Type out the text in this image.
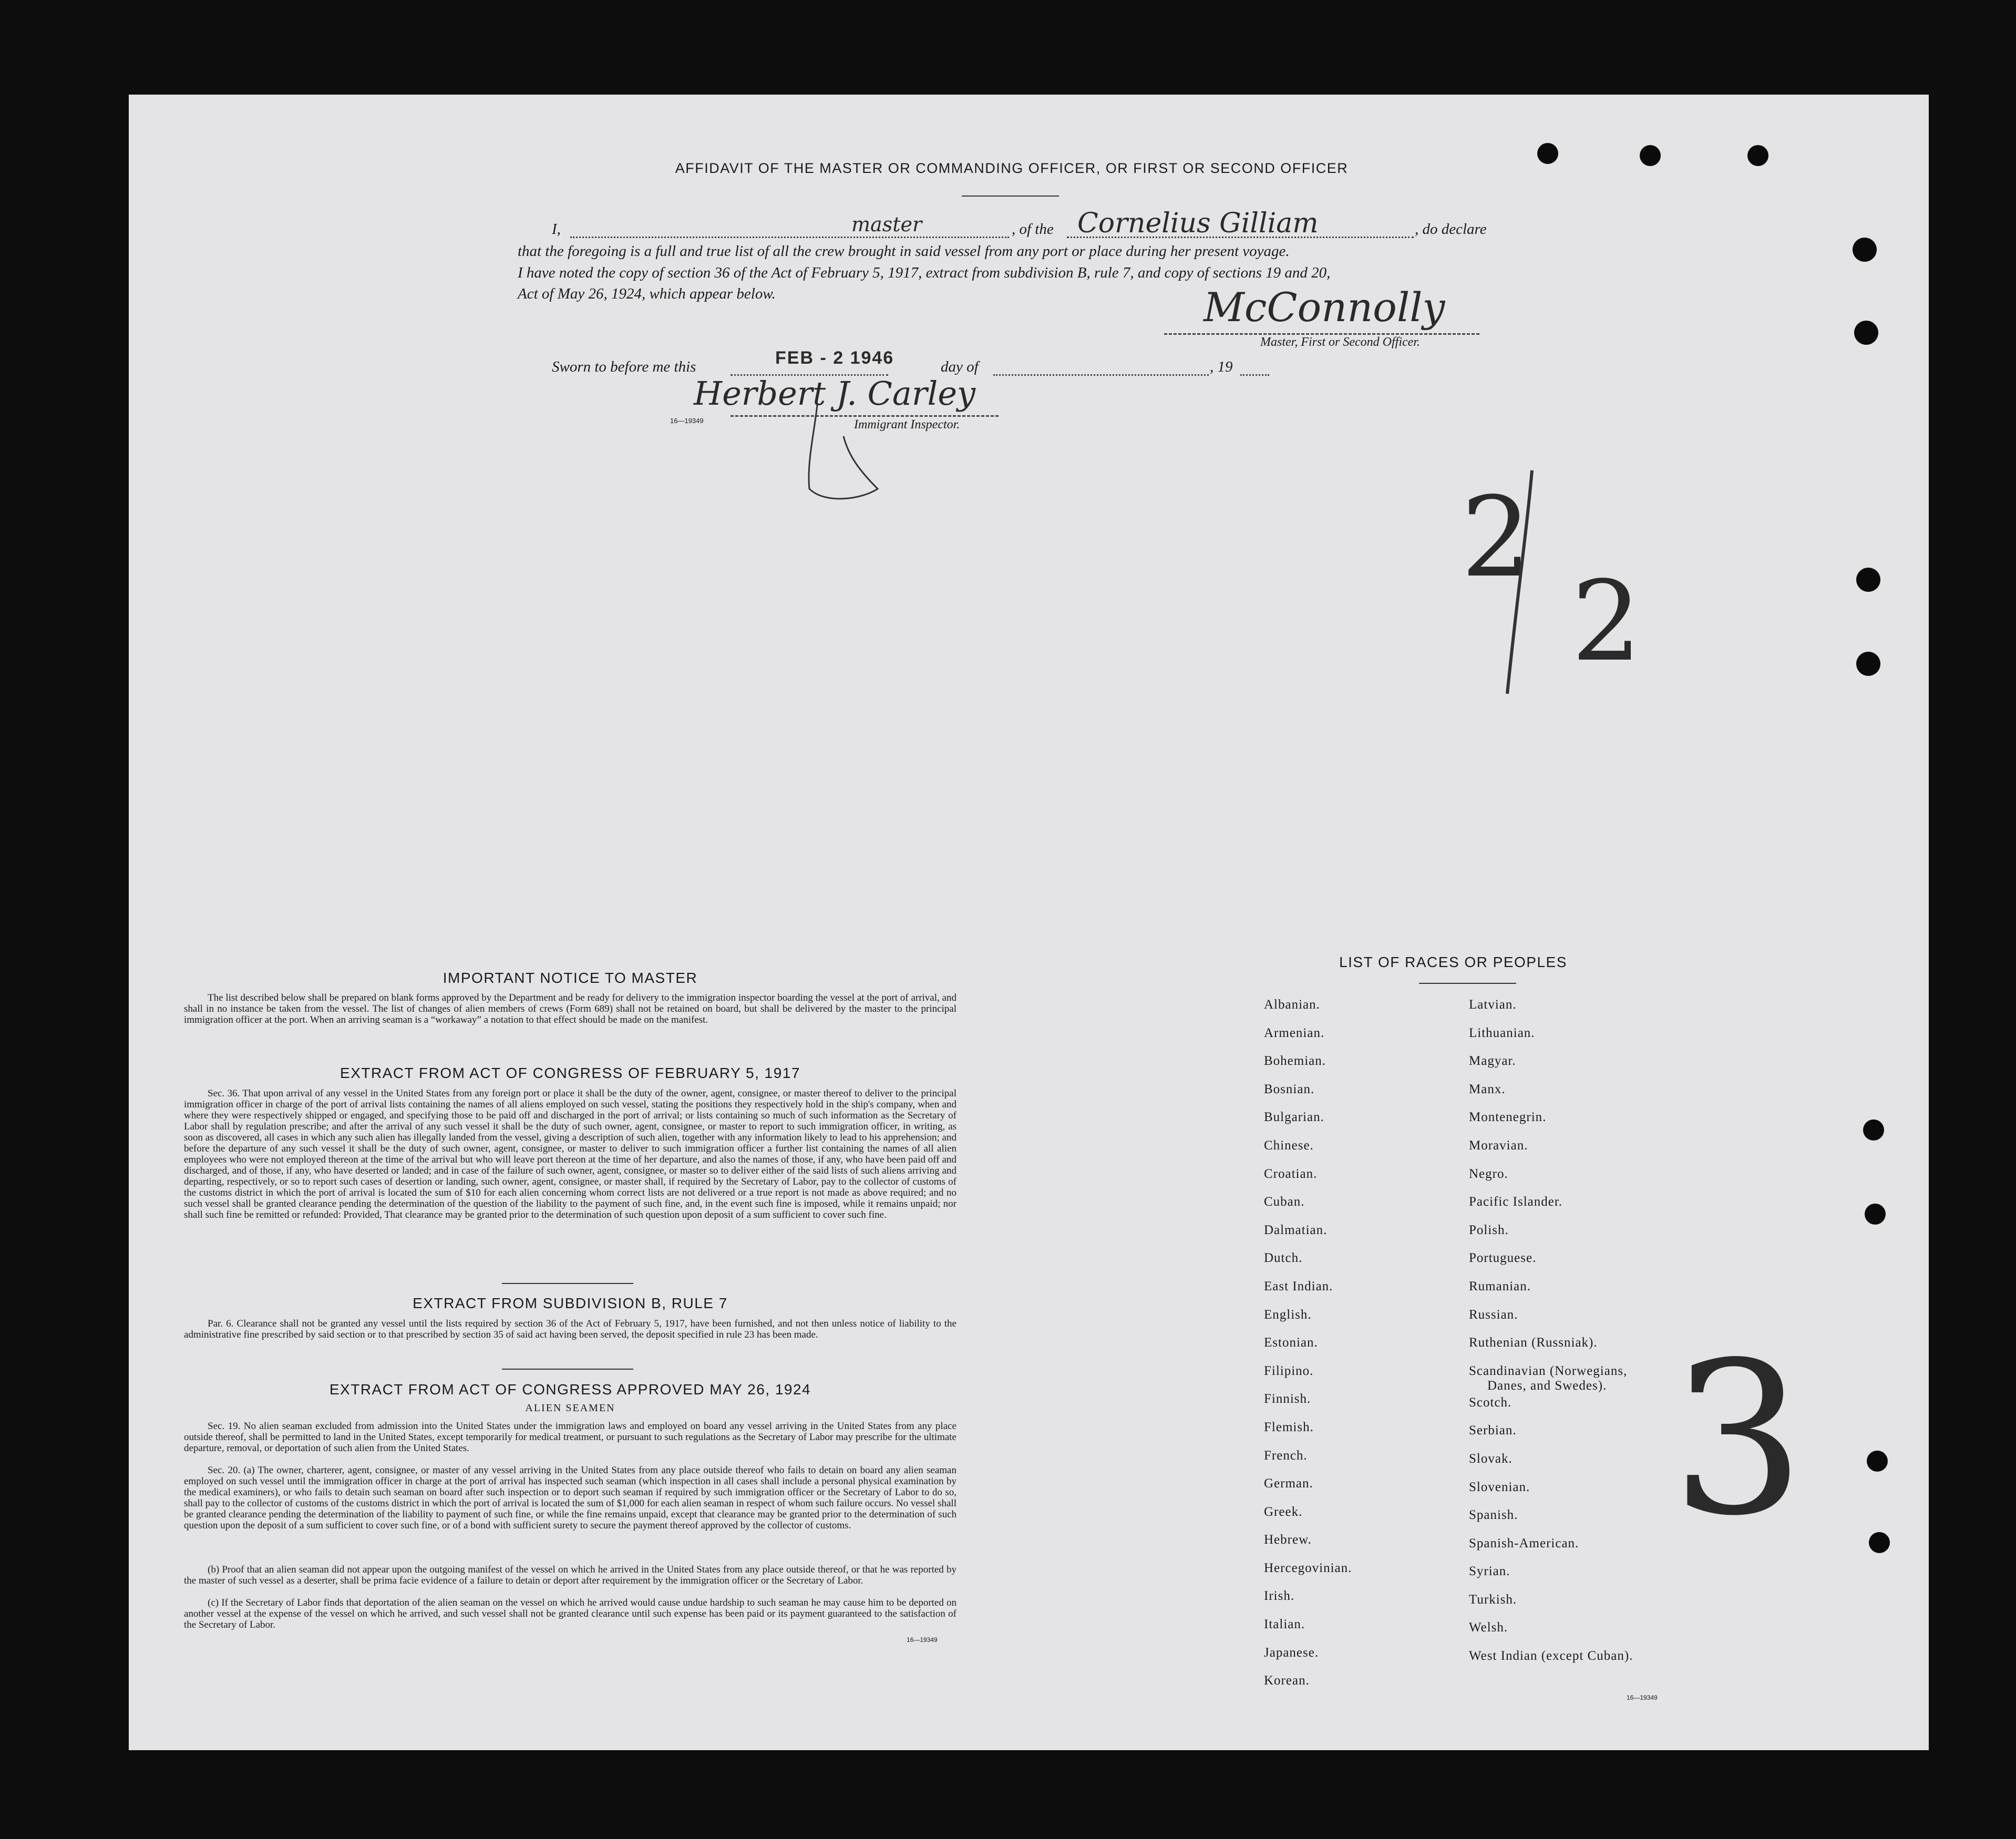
AFFIDAVIT OF THE MASTER OR COMMANDING OFFICER, OR FIRST OR SECOND OFFICER
I,	master	, of the Cornelius Gilliam	, do declare
that the foregoing is a full and true list of all the crew brought in said vessel from any port or place during her present voyage.
I have noted the copy of section 36 of the Act of February 5, 1917, extract from subdivision B, rule 7, and copy of sections 19 and 20,
Act of May 26, 1924, which appear below.	McConnolly
Master, First or Second Officer.
Sworn to before me this	FEB - 2 1946	day of	, 19
Herbert J. Carley
16—19349	Immigrant Inspector.
2
2
3
IMPORTANT NOTICE TO MASTER
The list described below shall be prepared on blank forms approved by the Department and be ready for delivery to the immigration inspector boarding the vessel at the port of arrival, and shall in no instance be taken from the vessel. The list of changes of alien members of crews (Form 689) shall not be retained on board, but shall be delivered by the master to the principal immigration officer at the port. When an arriving seaman is a “workaway” a notation to that effect should be made on the manifest.
EXTRACT FROM ACT OF CONGRESS OF FEBRUARY 5, 1917
Sec. 36. That upon arrival of any vessel in the United States from any foreign port or place it shall be the duty of the owner, agent, consignee, or master thereof to deliver to the principal immigration officer in charge of the port of arrival lists containing the names of all aliens employed on such vessel, stating the positions they respectively hold in the ship's company, when and where they were respectively shipped or engaged, and specifying those to be paid off and discharged in the port of arrival; or lists containing so much of such information as the Secretary of Labor shall by regulation prescribe; and after the arrival of any such vessel it shall be the duty of such owner, agent, consignee, or master to report to such immigration officer, in writing, as soon as discovered, all cases in which any such alien has illegally landed from the vessel, giving a description of such alien, together with any information likely to lead to his apprehension; and before the departure of any such vessel it shall be the duty of such owner, agent, consignee, or master to deliver to such immigration officer a further list containing the names of all alien employees who were not employed thereon at the time of the arrival but who will leave port thereon at the time of her departure, and also the names of those, if any, who have been paid off and discharged, and of those, if any, who have deserted or landed; and in case of the failure of such owner, agent, consignee, or master so to deliver either of the said lists of such aliens arriving and departing, respectively, or so to report such cases of desertion or landing, such owner, agent, consignee, or master shall, if required by the Secretary of Labor, pay to the collector of customs of the customs district in which the port of arrival is located the sum of $10 for each alien concerning whom correct lists are not delivered or a true report is not made as above required; and no such vessel shall be granted clearance pending the determination of the question of the liability to the payment of such fine, and, in the event such fine is imposed, while it remains unpaid; nor shall such fine be remitted or refunded: Provided, That clearance may be granted prior to the determination of such question upon deposit of a sum sufficient to cover such fine.
EXTRACT FROM SUBDIVISION B, RULE 7
Par. 6. Clearance shall not be granted any vessel until the lists required by section 36 of the Act of February 5, 1917, have been furnished, and not then unless notice of liability to the administrative fine prescribed by said section or to that prescribed by section 35 of said act having been served, the deposit specified in rule 23 has been made.
EXTRACT FROM ACT OF CONGRESS APPROVED MAY 26, 1924
ALIEN SEAMEN
Sec. 19. No alien seaman excluded from admission into the United States under the immigration laws and employed on board any vessel arriving in the United States from any place outside thereof, shall be permitted to land in the United States, except temporarily for medical treatment, or pursuant to such regulations as the Secretary of Labor may prescribe for the ultimate departure, removal, or deportation of such alien from the United States.
Sec. 20. (a) The owner, charterer, agent, consignee, or master of any vessel arriving in the United States from any place outside thereof who fails to detain on board any alien seaman employed on such vessel until the immigration officer in charge at the port of arrival has inspected such seaman (which inspection in all cases shall include a personal physical examination by the medical examiners), or who fails to detain such seaman on board after such inspection or to deport such seaman if required by such immigration officer or the Secretary of Labor to do so, shall pay to the collector of customs of the customs district in which the port of arrival is located the sum of $1,000 for each alien seaman in respect of whom such failure occurs. No vessel shall be granted clearance pending the determination of the liability to payment of such fine, or while the fine remains unpaid, except that clearance may be granted prior to the determination of such question upon the deposit of a sum sufficient to cover such fine, or of a bond with sufficient surety to secure the payment thereof approved by the collector of customs.
(b) Proof that an alien seaman did not appear upon the outgoing manifest of the vessel on which he arrived in the United States from any place outside thereof, or that he was reported by the master of such vessel as a deserter, shall be prima facie evidence of a failure to detain or deport after requirement by the immigration officer or the Secretary of Labor.
(c) If the Secretary of Labor finds that deportation of the alien seaman on the vessel on which he arrived would cause undue hardship to such seaman he may cause him to be deported on another vessel at the expense of the vessel on which he arrived, and such vessel shall not be granted clearance until such expense has been paid or its payment guaranteed to the satisfaction of the Secretary of Labor.
16—19349
LIST OF RACES OR PEOPLES
Albanian.
Armenian.
Bohemian.
Bosnian.
Bulgarian.
Chinese.
Croatian.
Cuban.
Dalmatian.
Dutch.
East Indian.
English.
Estonian.
Filipino.
Finnish.
Flemish.
French.
German.
Greek.
Hebrew.
Hercegovinian.
Irish.
Italian.
Japanese.
Korean.
Latvian.
Lithuanian.
Magyar.
Manx.
Montenegrin.
Moravian.
Negro.
Pacific Islander.
Polish.
Portuguese.
Rumanian.
Russian.
Ruthenian (Russniak).
Scandinavian (Norwegians,
Danes, and Swedes).
Scotch.
Serbian.
Slovak.
Slovenian.
Spanish.
Spanish-American.
Syrian.
Turkish.
Welsh.
West Indian (except Cuban).
16—19349
